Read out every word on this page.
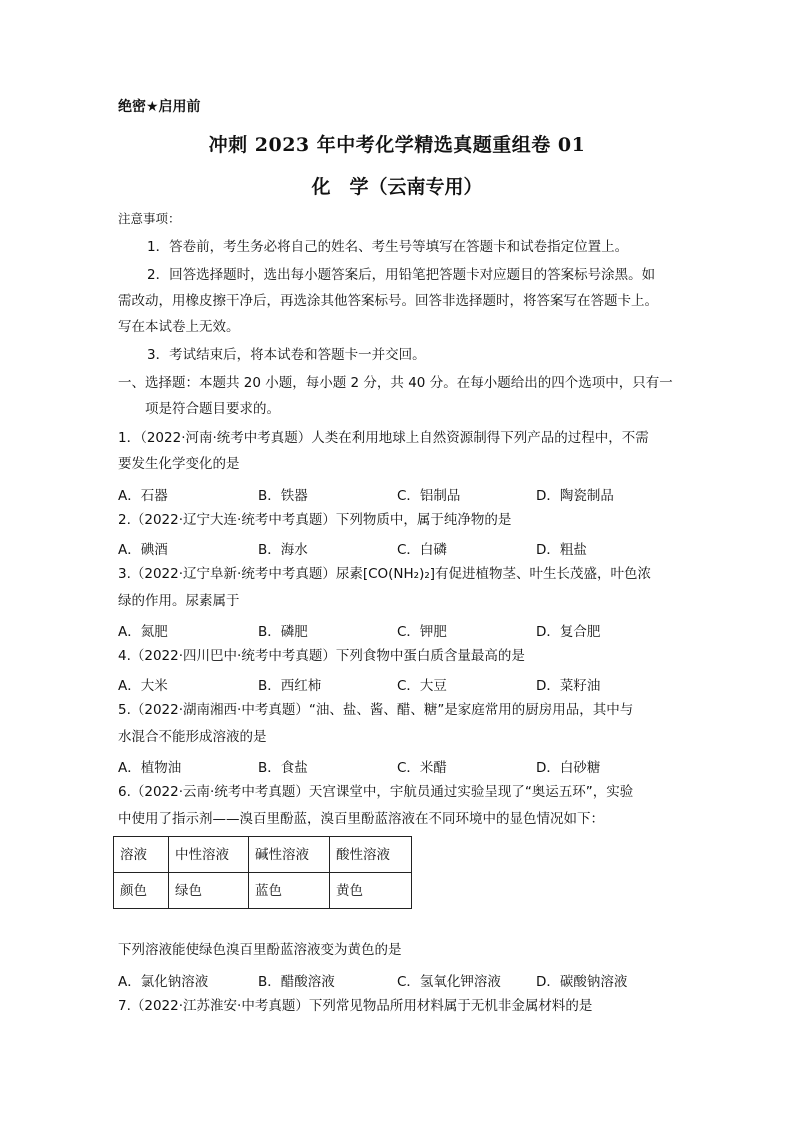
绝密★启用前
冲刺 2023 年中考化学精选真题重组卷 01
化　学（云南专用）
注意事项：
1．答卷前，考生务必将自己的姓名、考生号等填写在答题卡和试卷指定位置上。
2．回答选择题时，选出每小题答案后，用铅笔把答题卡对应题目的答案标号涂黑。如
需改动，用橡皮擦干净后，再选涂其他答案标号。回答非选择题时，将答案写在答题卡上。
写在本试卷上无效。
3．考试结束后，将本试卷和答题卡一并交回。
一、选择题：本题共 20 小题，每小题 2 分，共 40 分。在每小题给出的四个选项中，只有一
项是符合题目要求的。
1．（2022·河南·统考中考真题）人类在利用地球上自然资源制得下列产品的过程中，不需
要发生化学变化的是
A．石器	B．铁器	C．铝制品	D．陶瓷制品
2.（2022·辽宁大连·统考中考真题）下列物质中，属于纯净物的是
A．碘酒	B．海水	C．白磷	D．粗盐
3.（2022·辽宁阜新·统考中考真题）尿素[CO(NH₂)₂]有促进植物茎、叶生长茂盛，叶色浓
绿的作用。尿素属于
A．氮肥	B．磷肥	C．钾肥	D．复合肥
4.（2022·四川巴中·统考中考真题）下列食物中蛋白质含量最高的是
A．大米	B．西红柿	C．大豆	D．菜籽油
5.（2022·湖南湘西·中考真题）“油、盐、酱、醋、糖”是家庭常用的厨房用品，其中与
水混合不能形成溶液的是
A．植物油	B．食盐	C．米醋	D．白砂糖
6.（2022·云南·统考中考真题）天宫课堂中，宇航员通过实验呈现了“奥运五环”，实验
中使用了指示剂——溴百里酚蓝，溴百里酚蓝溶液在不同环境中的显色情况如下：
溶液	中性溶液	碱性溶液	酸性溶液
颜色	绿色	蓝色	黄色
下列溶液能使绿色溴百里酚蓝溶液变为黄色的是
A．氯化钠溶液	B．醋酸溶液	C．氢氧化钾溶液	D．碳酸钠溶液
7.（2022·江苏淮安·中考真题）下列常见物品所用材料属于无机非金属材料的是
